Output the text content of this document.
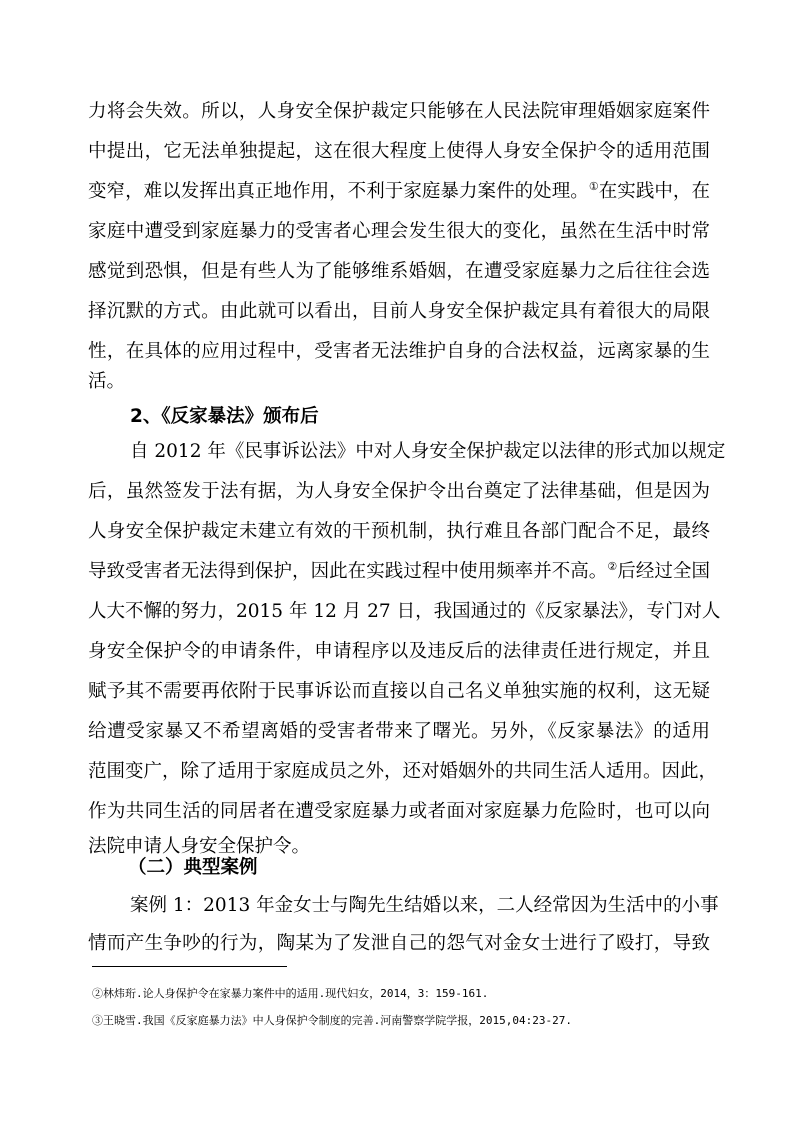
力将会失效。所以，人身安全保护裁定只能够在人民法院审理婚姻家庭案件
中提出，它无法单独提起，这在很大程度上使得人身安全保护令的适用范围
变窄，难以发挥出真正地作用，不利于家庭暴力案件的处理。①在实践中，在
家庭中遭受到家庭暴力的受害者心理会发生很大的变化，虽然在生活中时常
感觉到恐惧，但是有些人为了能够维系婚姻，在遭受家庭暴力之后往往会选
择沉默的方式。由此就可以看出，目前人身安全保护裁定具有着很大的局限
性，在具体的应用过程中，受害者无法维护自身的合法权益，远离家暴的生
活。
2、《反家暴法》颁布后
自 2012 年《民事诉讼法》中对人身安全保护裁定以法律的形式加以规定
后，虽然签发于法有据，为人身安全保护令出台奠定了法律基础，但是因为
人身安全保护裁定未建立有效的干预机制，执行难且各部门配合不足，最终
导致受害者无法得到保护，因此在实践过程中使用频率并不高。②后经过全国
人大不懈的努力，2015 年 12 月 27 日，我国通过的《反家暴法》，专门对人
身安全保护令的申请条件，申请程序以及违反后的法律责任进行规定，并且
赋予其不需要再依附于民事诉讼而直接以自己名义单独实施的权利，这无疑
给遭受家暴又不希望离婚的受害者带来了曙光。另外，《反家暴法》的适用
范围变广，除了适用于家庭成员之外，还对婚姻外的共同生活人适用。因此，
作为共同生活的同居者在遭受家庭暴力或者面对家庭暴力危险时，也可以向
法院申请人身安全保护令。
（二）典型案例
案例 1：2013 年金女士与陶先生结婚以来，二人经常因为生活中的小事
情而产生争吵的行为，陶某为了发泄自己的怨气对金女士进行了殴打，导致
②林炜珩.论人身保护令在家暴力案件中的适用.现代妇女，2014，3：159-161.
③王晓雪.我国《反家庭暴力法》中人身保护令制度的完善.河南警察学院学报，2015,04:23-27.
